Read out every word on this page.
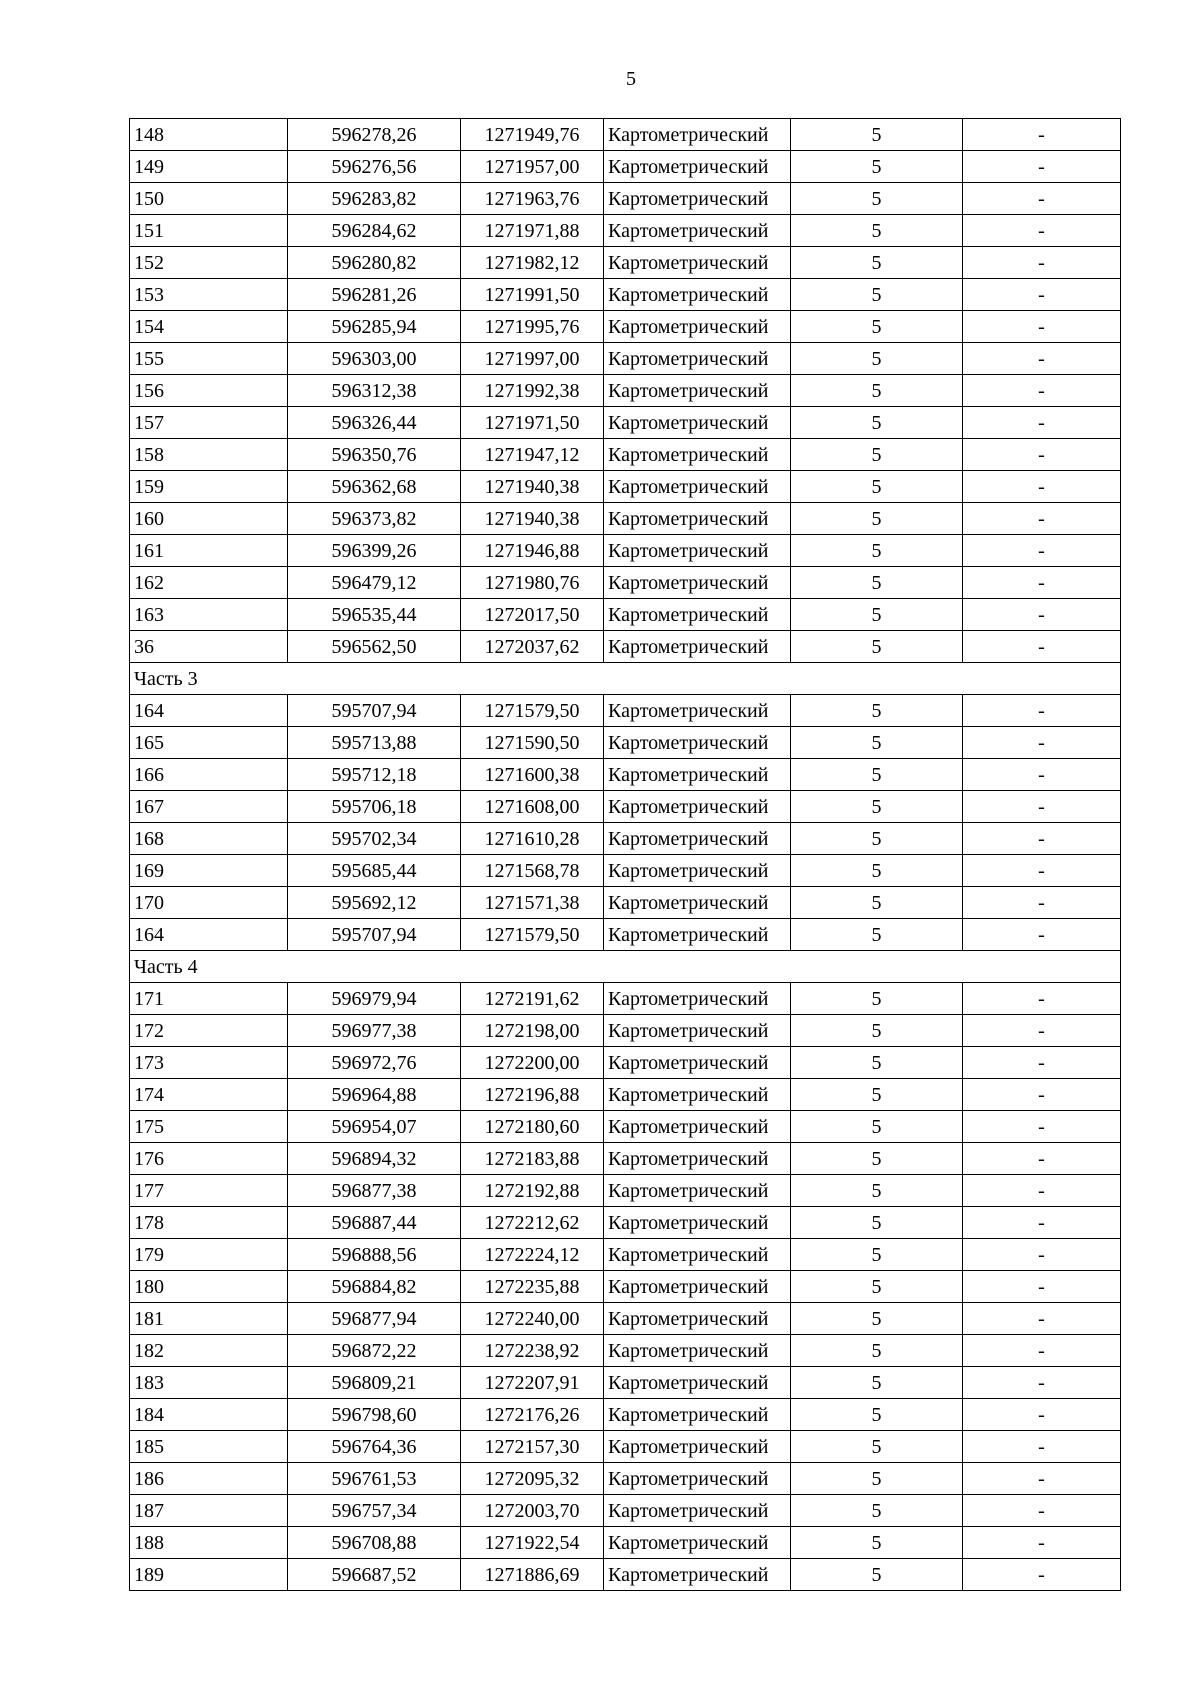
5
148	596278,26	1271949,76	Картометрический	5	-
149	596276,56	1271957,00	Картометрический	5	-
150	596283,82	1271963,76	Картометрический	5	-
151	596284,62	1271971,88	Картометрический	5	-
152	596280,82	1271982,12	Картометрический	5	-
153	596281,26	1271991,50	Картометрический	5	-
154	596285,94	1271995,76	Картометрический	5	-
155	596303,00	1271997,00	Картометрический	5	-
156	596312,38	1271992,38	Картометрический	5	-
157	596326,44	1271971,50	Картометрический	5	-
158	596350,76	1271947,12	Картометрический	5	-
159	596362,68	1271940,38	Картометрический	5	-
160	596373,82	1271940,38	Картометрический	5	-
161	596399,26	1271946,88	Картометрический	5	-
162	596479,12	1271980,76	Картометрический	5	-
163	596535,44	1272017,50	Картометрический	5	-
36	596562,50	1272037,62	Картометрический	5	-
Часть 3					
164	595707,94	1271579,50	Картометрический	5	-
165	595713,88	1271590,50	Картометрический	5	-
166	595712,18	1271600,38	Картометрический	5	-
167	595706,18	1271608,00	Картометрический	5	-
168	595702,34	1271610,28	Картометрический	5	-
169	595685,44	1271568,78	Картометрический	5	-
170	595692,12	1271571,38	Картометрический	5	-
164	595707,94	1271579,50	Картометрический	5	-
Часть 4					
171	596979,94	1272191,62	Картометрический	5	-
172	596977,38	1272198,00	Картометрический	5	-
173	596972,76	1272200,00	Картометрический	5	-
174	596964,88	1272196,88	Картометрический	5	-
175	596954,07	1272180,60	Картометрический	5	-
176	596894,32	1272183,88	Картометрический	5	-
177	596877,38	1272192,88	Картометрический	5	-
178	596887,44	1272212,62	Картометрический	5	-
179	596888,56	1272224,12	Картометрический	5	-
180	596884,82	1272235,88	Картометрический	5	-
181	596877,94	1272240,00	Картометрический	5	-
182	596872,22	1272238,92	Картометрический	5	-
183	596809,21	1272207,91	Картометрический	5	-
184	596798,60	1272176,26	Картометрический	5	-
185	596764,36	1272157,30	Картометрический	5	-
186	596761,53	1272095,32	Картометрический	5	-
187	596757,34	1272003,70	Картометрический	5	-
188	596708,88	1271922,54	Картометрический	5	-
189	596687,52	1271886,69	Картометрический	5	-
